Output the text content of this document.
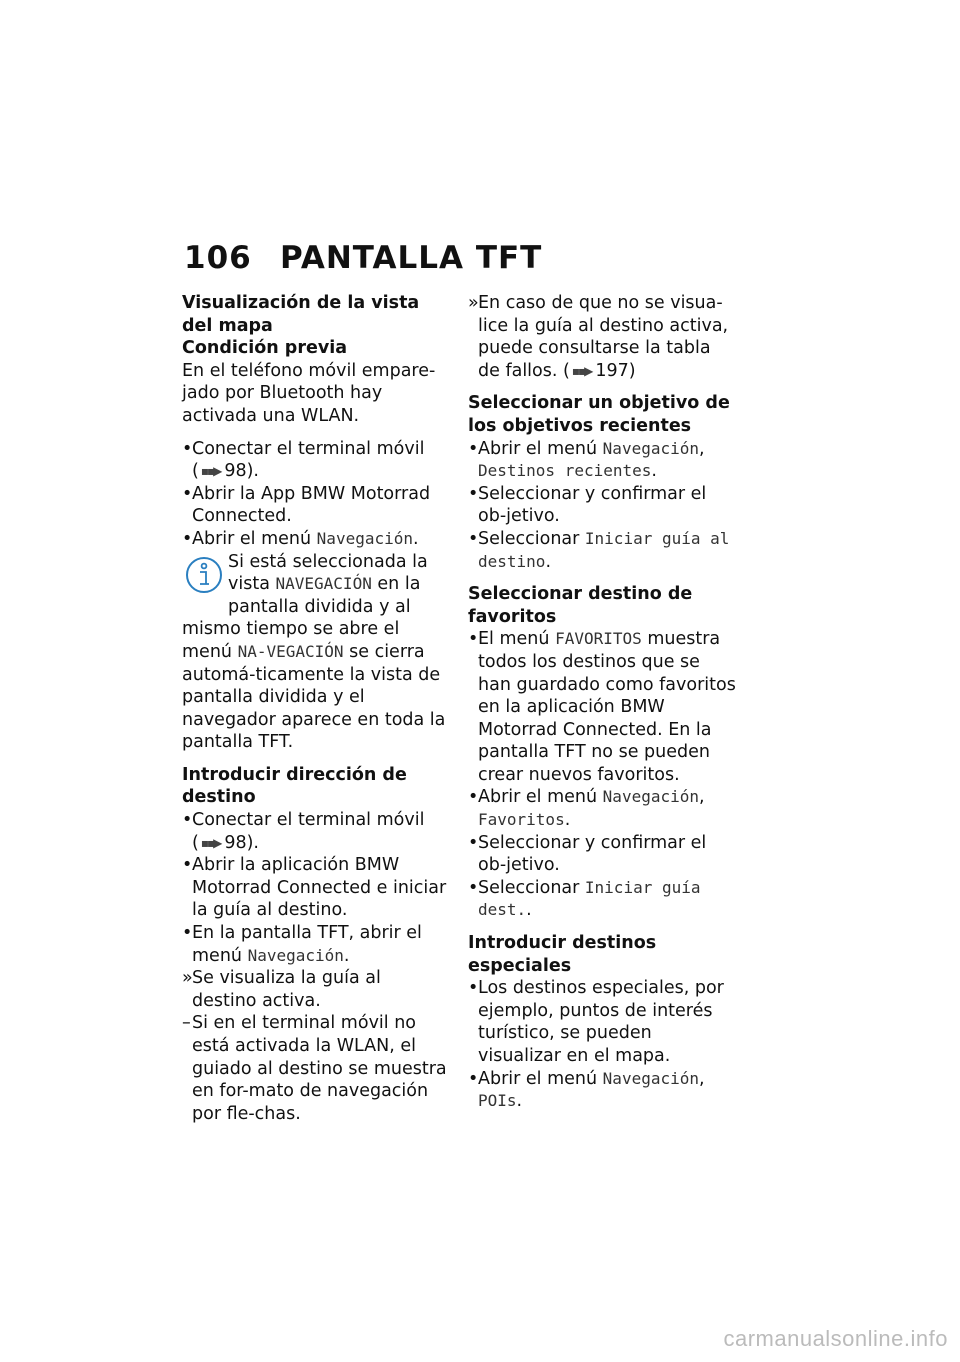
106 PANTALLA TFT

Visualización de la vista del mapa

Condición previa

En el teléfono móvil empare-jado por Bluetooth hay activada una WLAN.

• Conectar el terminal móvil ( ▪▪▶ 98 ).

• Abrir la App BMW Motorrad Connected.

• Abrir el menú Navegación.

Si está seleccionada la vista NAVEGACIÓN en la pantalla dividida y al mismo tiempo se abre el menú NA-VEGACIÓN se cierra automá-ticamente la vista de pantalla dividida y el navegador aparece en toda la pantalla TFT.

Introducir dirección de destino

• Conectar el terminal móvil ( ▪▪▶ 98 ).

• Abrir la aplicación BMW Motorrad Connected e iniciar la guía al destino.

• En la pantalla TFT, abrir el menú Navegación.

» Se visualiza la guía al destino activa.

– Si en el terminal móvil no está activada la WLAN, el guiado al destino se muestra en for-mato de navegación por fle-chas.

» En caso de que no se visua-lice la guía al destino activa, puede consultarse la tabla de fallos. ( ▪▪▶ 197 )

Seleccionar un objetivo de los objetivos recientes

• Abrir el menú Navegación, Destinos recientes.

• Seleccionar y confirmar el ob-jetivo.

• Seleccionar Iniciar guía al destino.

Seleccionar destino de favoritos

• El menú FAVORITOS muestra todos los destinos que se han guardado como favoritos en la aplicación BMW Motorrad Connected. En la pantalla TFT no se pueden crear nuevos favoritos.

• Abrir el menú Navegación, Favoritos.

• Seleccionar y confirmar el ob-jetivo.

• Seleccionar Iniciar guía dest..

Introducir destinos especiales

• Los destinos especiales, por ejemplo, puntos de interés turístico, se pueden visualizar en el mapa.

• Abrir el menú Navegación, POIs.

carmanualsonline.info
